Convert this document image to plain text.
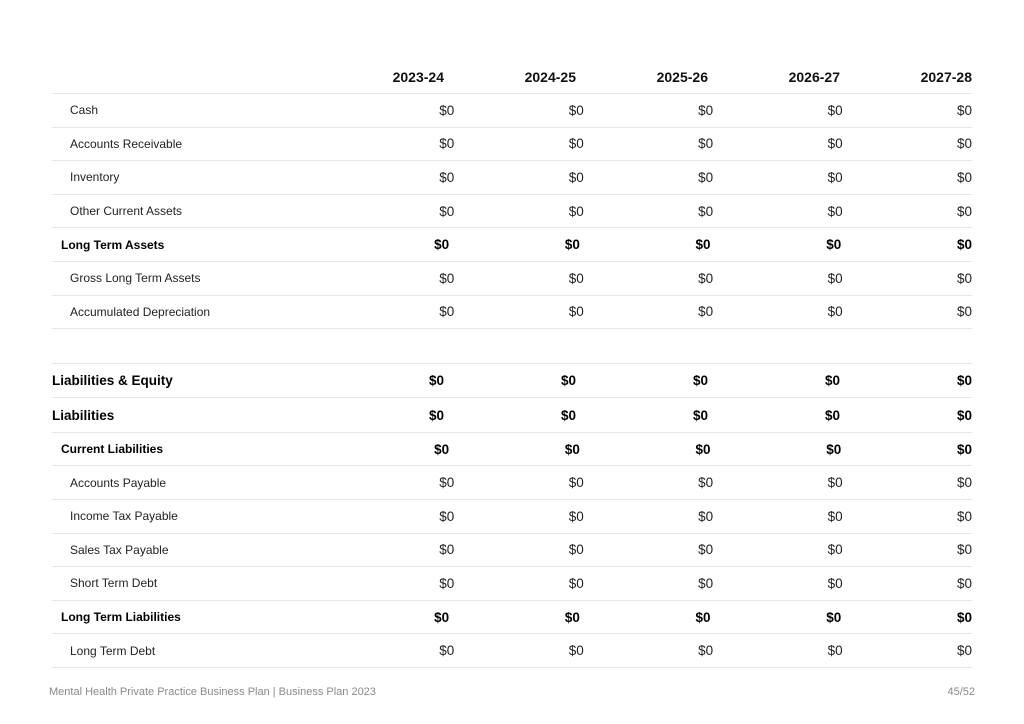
2023-24	2024-25	2025-26	2026-27	2027-28
Cash	$0	$0	$0	$0	$0
Accounts Receivable	$0	$0	$0	$0	$0
Inventory	$0	$0	$0	$0	$0
Other Current Assets	$0	$0	$0	$0	$0
Long Term Assets	$0	$0	$0	$0	$0
Gross Long Term Assets	$0	$0	$0	$0	$0
Accumulated Depreciation	$0	$0	$0	$0	$0
Liabilities & Equity	$0	$0	$0	$0	$0
Liabilities	$0	$0	$0	$0	$0
Current Liabilities	$0	$0	$0	$0	$0
Accounts Payable	$0	$0	$0	$0	$0
Income Tax Payable	$0	$0	$0	$0	$0
Sales Tax Payable	$0	$0	$0	$0	$0
Short Term Debt	$0	$0	$0	$0	$0
Long Term Liabilities	$0	$0	$0	$0	$0
Long Term Debt	$0	$0	$0	$0	$0
Mental Health Private Practice Business Plan | Business Plan 2023	45/52
